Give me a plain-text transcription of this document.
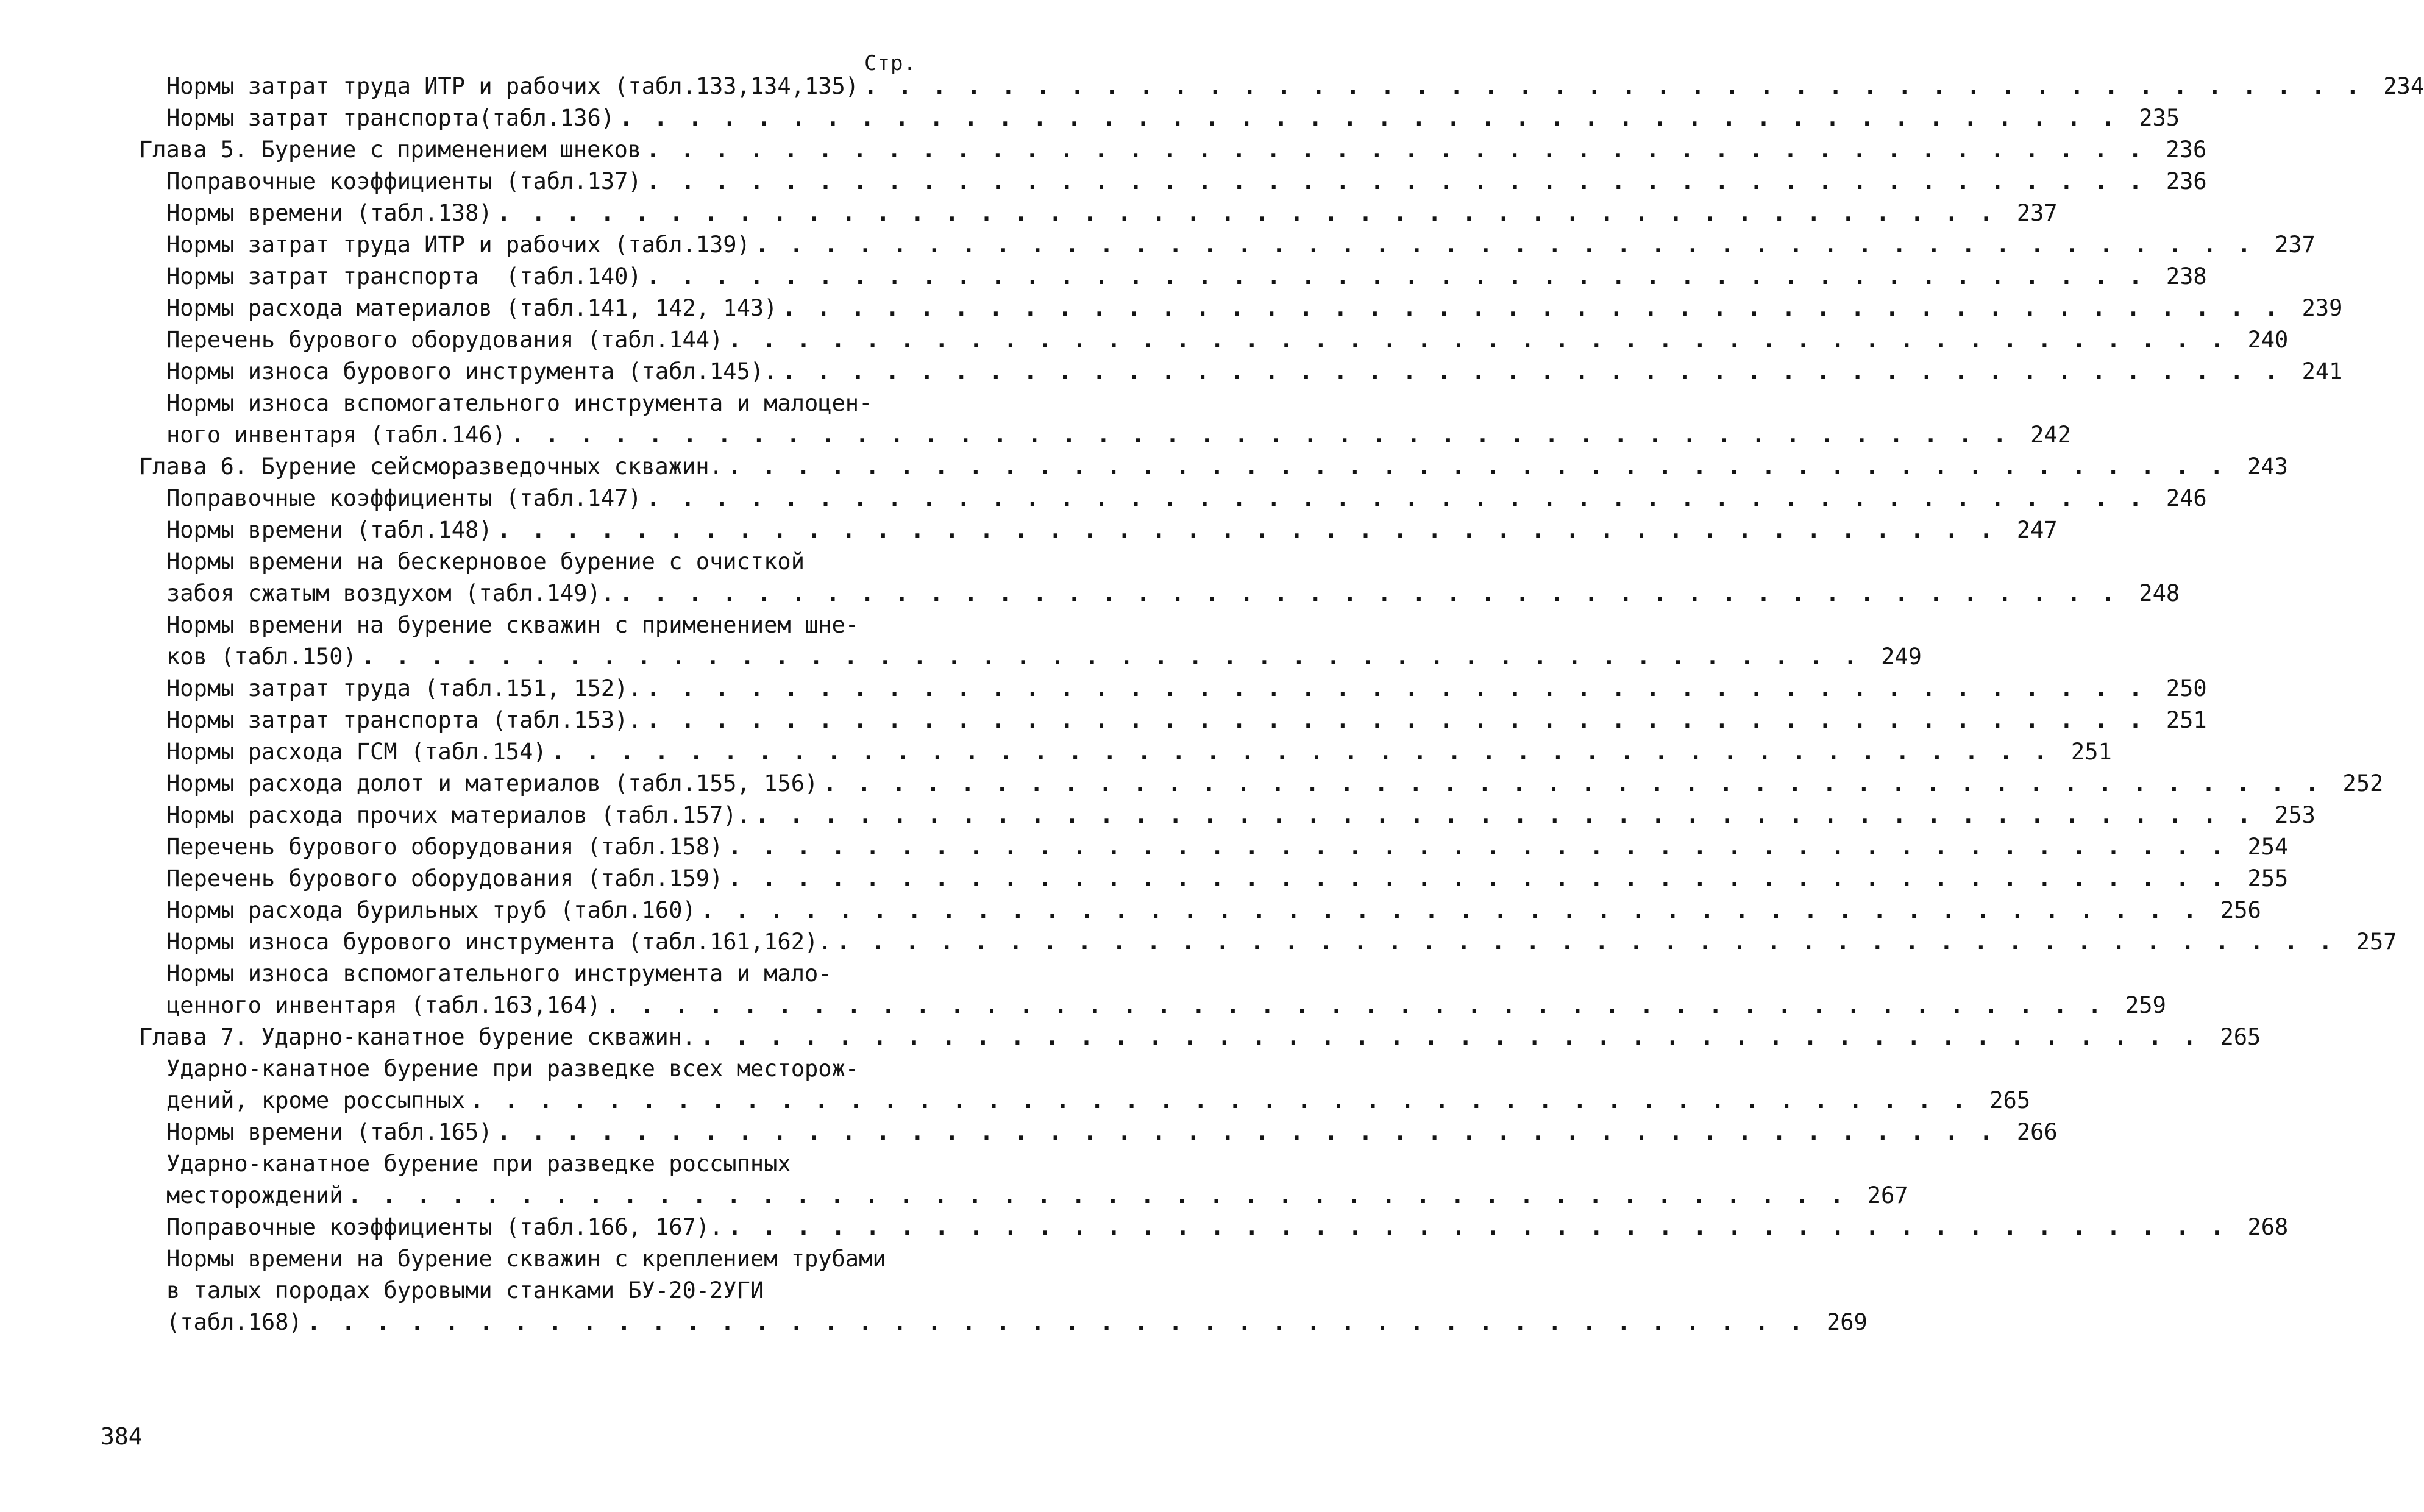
Стр.
Нормы затрат труда ИТР и рабочих (табл.133,134,135) . . . . . . . . . . . . . . . . . . . . . . . . . . . . . . . . . . . . . . . . . . . . 234
Нормы затрат транспорта(табл.136) . . . . . . . . . . . . . . . . . . . . . . . . . . . . . . . . . . . . . . . . . . . . 235
Глава 5. Бурение с применением шнеков . . . . . . . . . . . . . . . . . . . . . . . . . . . . . . . . . . . . . . . . . . . . 236
Поправочные коэффициенты (табл.137) . . . . . . . . . . . . . . . . . . . . . . . . . . . . . . . . . . . . . . . . . . . . 236
Нормы времени (табл.138) . . . . . . . . . . . . . . . . . . . . . . . . . . . . . . . . . . . . . . . . . . . . 237
Нормы затрат труда ИТР и рабочих (табл.139) . . . . . . . . . . . . . . . . . . . . . . . . . . . . . . . . . . . . . . . . . . . . 237
Нормы затрат транспорта  (табл.140) . . . . . . . . . . . . . . . . . . . . . . . . . . . . . . . . . . . . . . . . . . . . 238
Нормы расхода материалов (табл.141, 142, 143) . . . . . . . . . . . . . . . . . . . . . . . . . . . . . . . . . . . . . . . . . . . . 239
Перечень бурового оборудования (табл.144) . . . . . . . . . . . . . . . . . . . . . . . . . . . . . . . . . . . . . . . . . . . . 240
Нормы износа бурового инструмента (табл.145). . . . . . . . . . . . . . . . . . . . . . . . . . . . . . . . . . . . . . . . . . . . . 241
Нормы износа вспомогательного инструмента и малоцен-
ного инвентаря (табл.146) . . . . . . . . . . . . . . . . . . . . . . . . . . . . . . . . . . . . . . . . . . . . 242
Глава 6. Бурение сейсморазведочных скважин. . . . . . . . . . . . . . . . . . . . . . . . . . . . . . . . . . . . . . . . . . . . . 243
Поправочные коэффициенты (табл.147) . . . . . . . . . . . . . . . . . . . . . . . . . . . . . . . . . . . . . . . . . . . . 246
Нормы времени (табл.148) . . . . . . . . . . . . . . . . . . . . . . . . . . . . . . . . . . . . . . . . . . . . 247
Нормы времени на бескерновое бурение с очисткой
забоя сжатым воздухом (табл.149). . . . . . . . . . . . . . . . . . . . . . . . . . . . . . . . . . . . . . . . . . . . . 248
Нормы времени на бурение скважин с применением шне-
ков (табл.150) . . . . . . . . . . . . . . . . . . . . . . . . . . . . . . . . . . . . . . . . . . . . 249
Нормы затрат труда (табл.151, 152). . . . . . . . . . . . . . . . . . . . . . . . . . . . . . . . . . . . . . . . . . . . . 250
Нормы затрат транспорта (табл.153). . . . . . . . . . . . . . . . . . . . . . . . . . . . . . . . . . . . . . . . . . . . . 251
Нормы расхода ГСМ (табл.154) . . . . . . . . . . . . . . . . . . . . . . . . . . . . . . . . . . . . . . . . . . . . 251
Нормы расхода долот и материалов (табл.155, 156) . . . . . . . . . . . . . . . . . . . . . . . . . . . . . . . . . . . . . . . . . . . . 252
Нормы расхода прочих материалов (табл.157). . . . . . . . . . . . . . . . . . . . . . . . . . . . . . . . . . . . . . . . . . . . . 253
Перечень бурового оборудования (табл.158) . . . . . . . . . . . . . . . . . . . . . . . . . . . . . . . . . . . . . . . . . . . . 254
Перечень бурового оборудования (табл.159) . . . . . . . . . . . . . . . . . . . . . . . . . . . . . . . . . . . . . . . . . . . . 255
Нормы расхода бурильных труб (табл.160) . . . . . . . . . . . . . . . . . . . . . . . . . . . . . . . . . . . . . . . . . . . . 256
Нормы износа бурового инструмента (табл.161,162). . . . . . . . . . . . . . . . . . . . . . . . . . . . . . . . . . . . . . . . . . . . . 257
Нормы износа вспомогательного инструмента и мало-
ценного инвентаря (табл.163,164) . . . . . . . . . . . . . . . . . . . . . . . . . . . . . . . . . . . . . . . . . . . . 259
Глава 7. Ударно-канатное бурение скважин. . . . . . . . . . . . . . . . . . . . . . . . . . . . . . . . . . . . . . . . . . . . . 265
Ударно-канатное бурение при разведке всех месторож-
дений, кроме россыпных . . . . . . . . . . . . . . . . . . . . . . . . . . . . . . . . . . . . . . . . . . . . 265
Нормы времени (табл.165) . . . . . . . . . . . . . . . . . . . . . . . . . . . . . . . . . . . . . . . . . . . . 266
Ударно-канатное бурение при разведке россыпных
месторождений . . . . . . . . . . . . . . . . . . . . . . . . . . . . . . . . . . . . . . . . . . . . 267
Поправочные коэффициенты (табл.166, 167). . . . . . . . . . . . . . . . . . . . . . . . . . . . . . . . . . . . . . . . . . . . . 268
Нормы времени на бурение скважин с креплением трубами
в талых породах буровыми станками БУ-20-2УГИ
(табл.168) . . . . . . . . . . . . . . . . . . . . . . . . . . . . . . . . . . . . . . . . . . . . 269
384
